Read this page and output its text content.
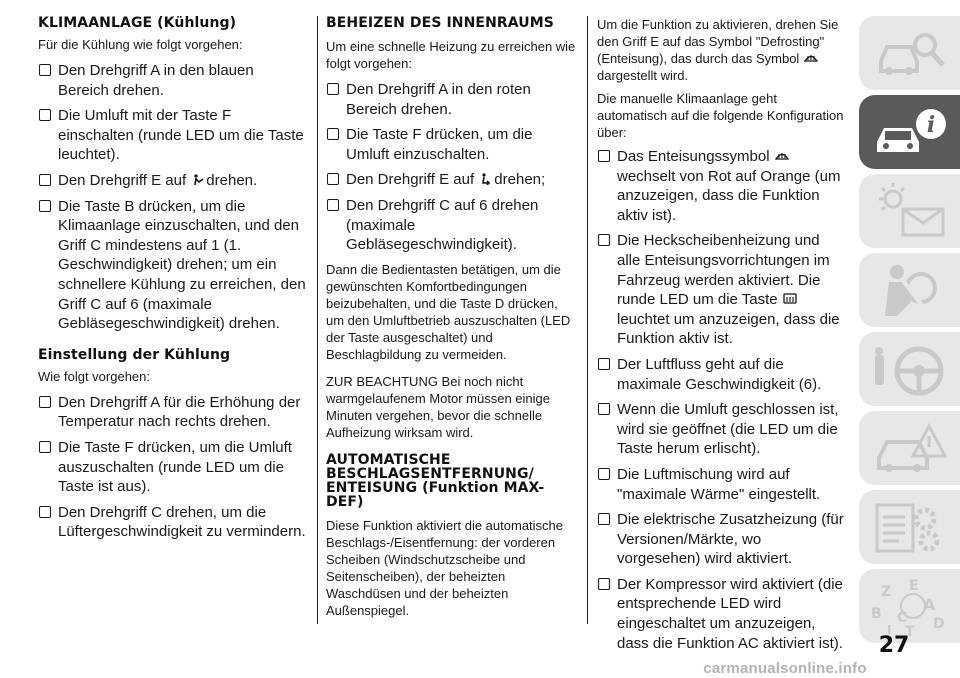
KLIMAANLAGE (Kühlung)

Für die Kühlung wie folgt vorgehen:

Den Drehgriff A in den blauen Bereich drehen.
Die Umluft mit der Taste F einschalten (runde LED um die Taste leuchtet).
Den Drehgriff E auf drehen.
Die Taste B drücken, um die Klimaanlage einzuschalten, und den Griff C mindestens auf 1 (1. Geschwindigkeit) drehen; um ein schnellere Kühlung zu erreichen, den Griff C auf 6 (maximale Gebläsegeschwindigkeit) drehen.
Einstellung der Kühlung

Wie folgt vorgehen:

Den Drehgriff A für die Erhöhung der Temperatur nach rechts drehen.
Die Taste F drücken, um die Umluft auszuschalten (runde LED um die Taste ist aus).
Den Drehgriff C drehen, um die Lüftergeschwindigkeit zu vermindern.
BEHEIZEN DES INNENRAUMS

Um eine schnelle Heizung zu erreichen wie folgt vorgehen:

Den Drehgriff A in den roten Bereich drehen.
Die Taste F drücken, um die Umluft einzuschalten.
Den Drehgriff E auf drehen;
Den Drehgriff C auf 6 drehen (maximale Gebläsegeschwindigkeit).

Dann die Bedientasten betätigen, um die gewünschten Komfortbedingungen beizubehalten, und die Taste D drücken, um den Umluftbetrieb auszuschalten (LED der Taste ausgeschaltet) und Beschlagbildung zu vermeiden.

ZUR BEACHTUNG Bei noch nicht warmgelaufenem Motor müssen einige Minuten vergehen, bevor die schnelle Aufheizung wirksam wird.

AUTOMATISCHE BESCHLAGSENTFERNUNG/ ENTEISUNG (Funktion MAX-DEF)

Diese Funktion aktiviert die automatische Beschlags-/Eisentfernung: der vorderen Scheiben (Windschutzscheibe und Seitenscheiben), der beheizten Waschdüsen und der beheizten Außenspiegel.

Um die Funktion zu aktivieren, drehen Sie den Griff E auf das Symbol "Defrosting" (Enteisung), das durch das Symbol dargestellt wird.

Die manuelle Klimaanlage geht automatisch auf die folgende Konfiguration über:

Das Enteisungssymbol wechselt von Rot auf Orange (um anzuzeigen, dass die Funktion aktiv ist).
Die Heckscheibenheizung und alle Enteisungsvorrichtungen im Fahrzeug werden aktiviert. Die runde LED um die Taste leuchtet um anzuzeigen, dass die Funktion aktiv ist.
Der Luftfluss geht auf die maximale Geschwindigkeit (6).
Wenn die Umluft geschlossen ist, wird sie geöffnet (die LED um die Taste herum erlischt).
Die Luftmischung wird auf "maximale Wärme" eingestellt.
Die elektrische Zusatzheizung (für Versionen/Märkte, wo vorgesehen) wird aktiviert.
Der Kompressor wird aktiviert (die entsprechende LED wird eingeschaltet um anzuzeigen, dass die Funktion AC aktiviert ist).
i
Z E
A
B C
T D
I
27
carmanualsonline.info
